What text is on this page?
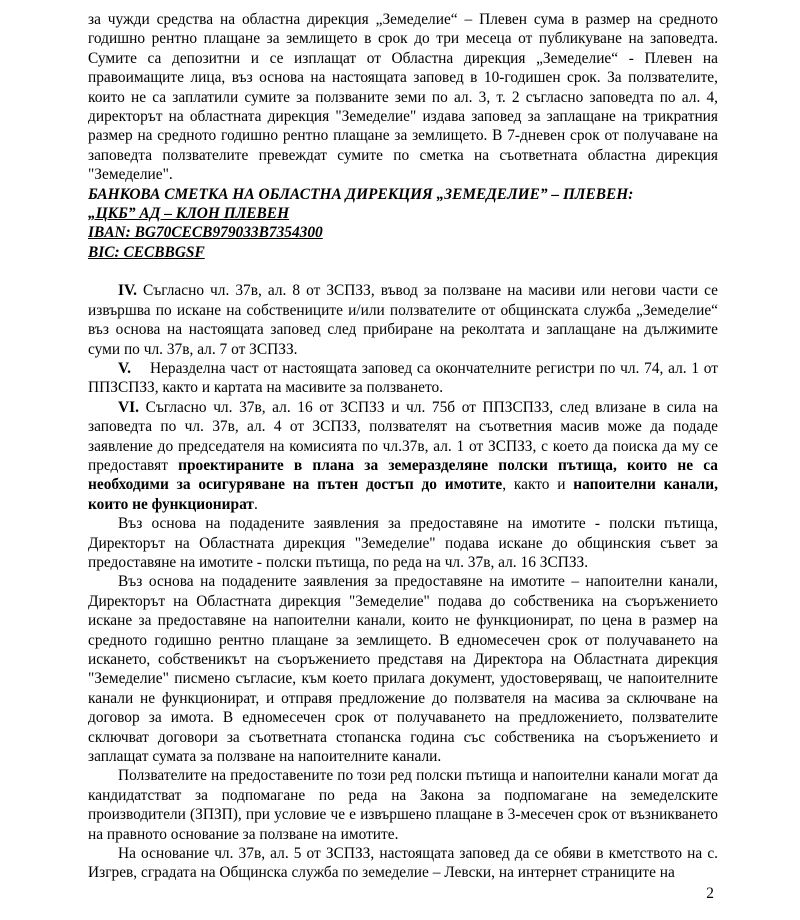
за чужди средства на областна дирекция „Земеделие“ – Плевен сума в размер на средното годишно рентно плащане за землището в срок до три месеца от публикуване на заповедта. Сумите са депозитни и се изплащат от Областна дирекция „Земеделие“ - Плевен на правоимащите лица, въз основа на настоящата заповед в 10-годишен срок. За ползвателите, които не са заплатили сумите за ползваните земи по ал. 3, т. 2 съгласно заповедта по ал. 4, директорът на областната дирекция "Земеделие" издава заповед за заплащане на трикратния размер на средното годишно рентно плащане за землището. В 7-дневен срок от получаване на заповедта ползвателите превеждат сумите по сметка на съответната областна дирекция "Земеделие".

БАНКОВА СМЕТКА НА ОБЛАСТНА ДИРЕКЦИЯ „ЗЕМЕДЕЛИЕ” – ПЛЕВЕН:
„ЦКБ” АД – КЛОН ПЛЕВЕН
IBAN: BG70CECB979033B7354300
BIC: CECBBGSF

IV. Съгласно чл. 37в, ал. 8 от ЗСПЗЗ, въвод за ползване на масиви или негови части се извършва по искане на собствениците и/или ползвателите от общинската служба „Земеделие“ въз основа на настоящата заповед след прибиране на реколтата и заплащане на дължимите суми по чл. 37в, ал. 7 от ЗСПЗЗ.

V. Неразделна част от настоящата заповед са окончателните регистри по чл. 74, ал. 1 от ППЗСПЗЗ, както и картата на масивите за ползването.

VI. Съгласно чл. 37в, ал. 16 от ЗСПЗЗ и чл. 75б от ППЗСПЗЗ, след влизане в сила на заповедта по чл. 37в, ал. 4 от ЗСПЗЗ, ползвателят на съответния масив може да подаде заявление до председателя на комисията по чл.37в, ал. 1 от ЗСПЗЗ, с което да поиска да му се предоставят проектираните в плана за земеразделяне полски пътища, които не са необходими за осигуряване на пътен достъп до имотите, както и напоителни канали, които не функционират.

Въз основа на подадените заявления за предоставяне на имотите - полски пътища, Директорът на Областната дирекция "Земеделие" подава искане до общинския съвет за предоставяне на имотите - полски пътища, по реда на чл. 37в, ал. 16 ЗСПЗЗ.

Въз основа на подадените заявления за предоставяне на имотите – напоителни канали, Директорът на Областната дирекция "Земеделие" подава до собственика на съоръжението искане за предоставяне на напоителни канали, които не функционират, по цена в размер на средното годишно рентно плащане за землището. В едномесечен срок от получаването на искането, собственикът на съоръжението представя на Директора на Областната дирекция "Земеделие" писмено съгласие, към което прилага документ, удостоверяващ, че напоителните канали не функционират, и отправя предложение до ползвателя на масива за сключване на договор за имота. В едномесечен срок от получаването на предложението, ползвателите сключват договори за съответната стопанска година със собственика на съоръжението и заплащат сумата за ползване на напоителните канали.

Ползвателите на предоставените по този ред полски пътища и напоителни канали могат да кандидатстват за подпомагане по реда на Закона за подпомагане на земеделските производители (ЗПЗП), при условие че е извършено плащане в 3-месечен срок от възникването на правното основание за ползване на имотите.

На основание чл. 37в, ал. 5 от ЗСПЗЗ, настоящата заповед да се обяви в кметството на с. Изгрев, сградата на Общинска служба по земеделие – Левски, на интернет страниците на

2
